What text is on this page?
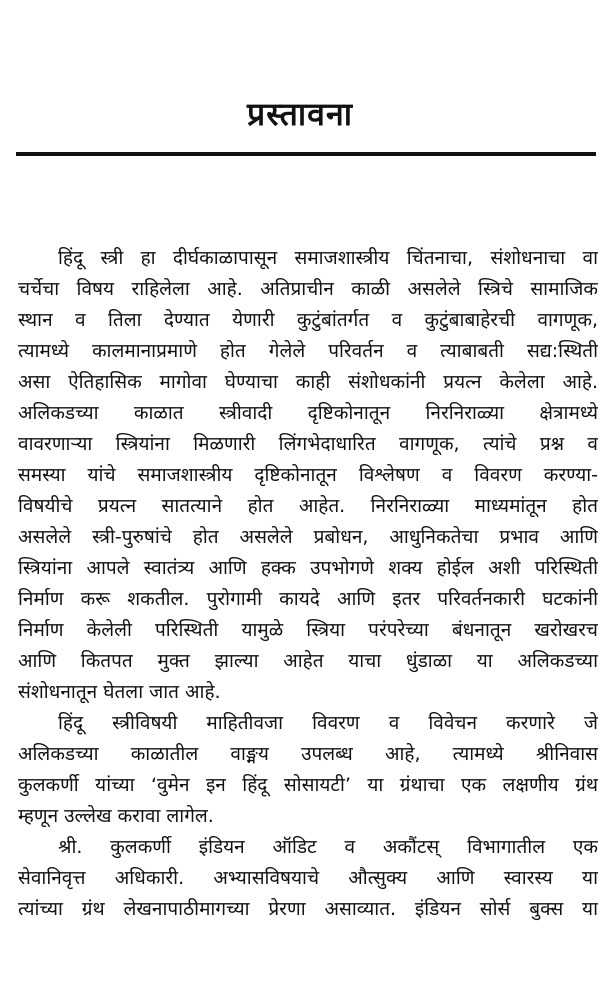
प्रस्तावना
हिंदू स्त्री हा दीर्घकाळापासून समाजशास्त्रीय चिंतनाचा, संशोधनाचा वा
चर्चेचा विषय राहिलेला आहे. अतिप्राचीन काळी असलेले स्त्रिचे सामाजिक
स्थान व तिला देण्यात येणारी कुटुंबांतर्गत व कुटुंबाबाहेरची वागणूक,
त्यामध्ये कालमानाप्रमाणे होत गेलेले परिवर्तन व त्याबाबती सद्य:स्थिती
असा ऐतिहासिक मागोवा घेण्याचा काही संशोधकांनी प्रयत्न केलेला आहे.
अलिकडच्या काळात स्त्रीवादी दृष्टिकोनातून निरनिराळ्या क्षेत्रामध्ये
वावरणाऱ्या स्त्रियांना मिळणारी लिंगभेदाधारित वागणूक, त्यांचे प्रश्न व
समस्या यांचे समाजशास्त्रीय दृष्टिकोनातून विश्लेषण व विवरण करण्या-
विषयीचे प्रयत्न सातत्याने होत आहेत. निरनिराळ्या माध्यमांतून होत
असलेले स्त्री-पुरुषांचे होत असलेले प्रबोधन, आधुनिकतेचा प्रभाव आणि
स्त्रियांना आपले स्वातंत्र्य आणि हक्क उपभोगणे शक्य होईल अशी परिस्थिती
निर्माण करू शकतील. पुरोगामी कायदे आणि इतर परिवर्तनकारी घटकांनी
निर्माण केलेली परिस्थिती यामुळे स्त्रिया परंपरेच्या बंधनातून खरोखरच
आणि कितपत मुक्त झाल्या आहेत याचा धुंडाळा या अलिकडच्या
संशोधनातून घेतला जात आहे.
हिंदू स्त्रीविषयी माहितीवजा विवरण व विवेचन करणारे जे
अलिकडच्या काळातील वाङ्मय उपलब्ध आहे, त्यामध्ये श्रीनिवास
कुलकर्णी यांच्या ‘वुमेन इन हिंदू सोसायटी’ या ग्रंथाचा एक लक्षणीय ग्रंथ
म्हणून उल्लेख करावा लागेल.
श्री. कुलकर्णी इंडियन ऑडिट व अकौंटस् विभागातील एक
सेवानिवृत्त अधिकारी. अभ्यासविषयाचे औत्सुक्य आणि स्वारस्य या
त्यांच्या ग्रंथ लेखनापाठीमागच्या प्रेरणा असाव्यात. इंडियन सोर्स बुक्स या
